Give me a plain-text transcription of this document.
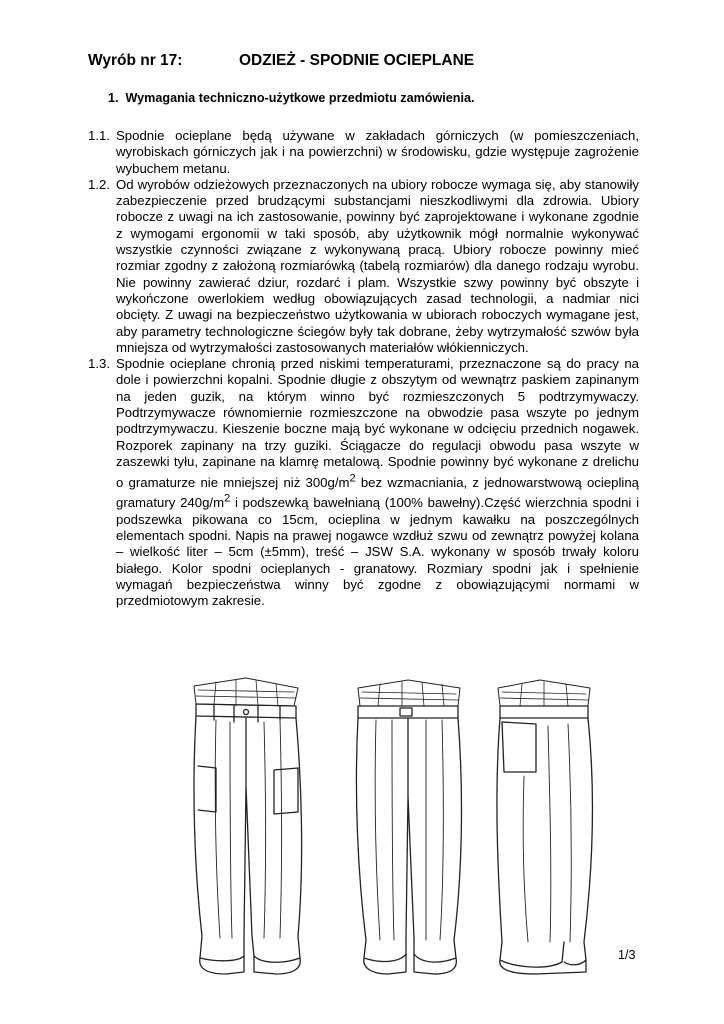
Wyrób nr 17:	ODZIEŻ - SPODNIE OCIEPLANE
1. Wymagania techniczno-użytkowe przedmiotu zamówienia.
1.1. Spodnie ocieplane będą używane w zakładach górniczych (w pomieszczeniach, wyrobiskach górniczych jak i na powierzchni) w środowisku, gdzie występuje zagrożenie wybuchem metanu.
1.2. Od wyrobów odzieżowych przeznaczonych na ubiory robocze wymaga się, aby stanowiły zabezpieczenie przed brudzącymi substancjami nieszkodliwymi dla zdrowia. Ubiory robocze z uwagi na ich zastosowanie, powinny być zaprojektowane i wykonane zgodnie z wymogami ergonomii w taki sposób, aby użytkownik mógł normalnie wykonywać wszystkie czynności związane z wykonywaną pracą. Ubiory robocze powinny mieć rozmiar zgodny z założoną rozmiarówką (tabelą rozmiarów) dla danego rodzaju wyrobu. Nie powinny zawierać dziur, rozdarć i plam. Wszystkie szwy powinny być obszyte i wykończone owerlokiem według obowiązujących zasad technologii, a nadmiar nici obcięty. Z uwagi na bezpieczeństwo użytkowania w ubiorach roboczych wymagane jest, aby parametry technologiczne ściegów były tak dobrane, żeby wytrzymałość szwów była mniejsza od wytrzymałości zastosowanych materiałów włókienniczych.
1.3. Spodnie ocieplane chronią przed niskimi temperaturami, przeznaczone są do pracy na dole i powierzchni kopalni. Spodnie długie z obszytym od wewnątrz paskiem zapinanym na jeden guzik, na którym winno być rozmieszczonych 5 podtrzymywaczy. Podtrzymywacze równomiernie rozmieszczone na obwodzie pasa wszyte po jednym podtrzymywaczu. Kieszenie boczne mają być wykonane w odcięciu przednich nogawek. Rozporek zapinany na trzy guziki. Ściągacze do regulacji obwodu pasa wszyte w zaszewki tyłu, zapinane na klamrę metalową. Spodnie powinny być wykonane z drelichu o gramaturze nie mniejszej niż $300g/m^2$ bez wzmacniania, z jednowarstwową ociepliną gramatury $240g/m^2$ i podszewką bawełnianą (100% bawełny).Część wierzchnia spodni i podszewka pikowana co 15cm, ocieplina w jednym kawałku na poszczególnych elementach spodni. Napis na prawej nogawce wzdłuż szwu od zewnątrz powyżej kolana – wielkość liter – 5cm (±5mm), treść – JSW S.A. wykonany w sposób trwały koloru białego. Kolor spodni ocieplanych - granatowy. Rozmiary spodni jak i spełnienie wymagań bezpieczeństwa winny być zgodne z obowiązującymi normami w przedmiotowym zakresie.
1/3
